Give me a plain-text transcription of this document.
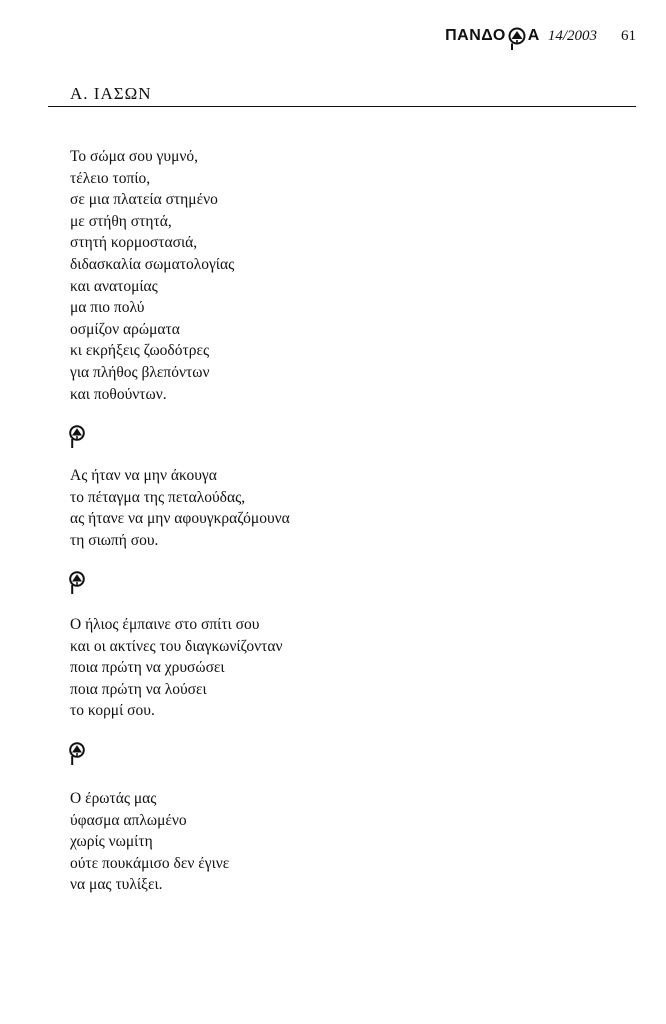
ΠΑΝΔΟ Α 14/2003 61
Α. ΙΑΣΩΝ
Το σώμα σου γυμνό,
τέλειο τοπίο,
σε μια πλατεία στημένο
με στήθη στητά,
στητή κορμοστασιά,
διδασκαλία σωματολογίας
και ανατομίας
μα πιο πολύ
οσμίζον αρώματα
κι εκρήξεις ζωοδότρες
για πλήθος βλεπόντων
και ποθούντων.
Ας ήταν να μην άκουγα
το πέταγμα της πεταλούδας,
ας ήτανε να μην αφουγκραζόμουνα
τη σιωπή σου.
Ο ήλιος έμπαινε στο σπίτι σου
και οι ακτίνες του διαγκωνίζονταν
ποια πρώτη να χρυσώσει
ποια πρώτη να λούσει
το κορμί σου.
Ο έρωτάς μας
ύφασμα απλωμένο
χωρίς νωμίτη
ούτε πουκάμισο δεν έγινε
να μας τυλίξει.
